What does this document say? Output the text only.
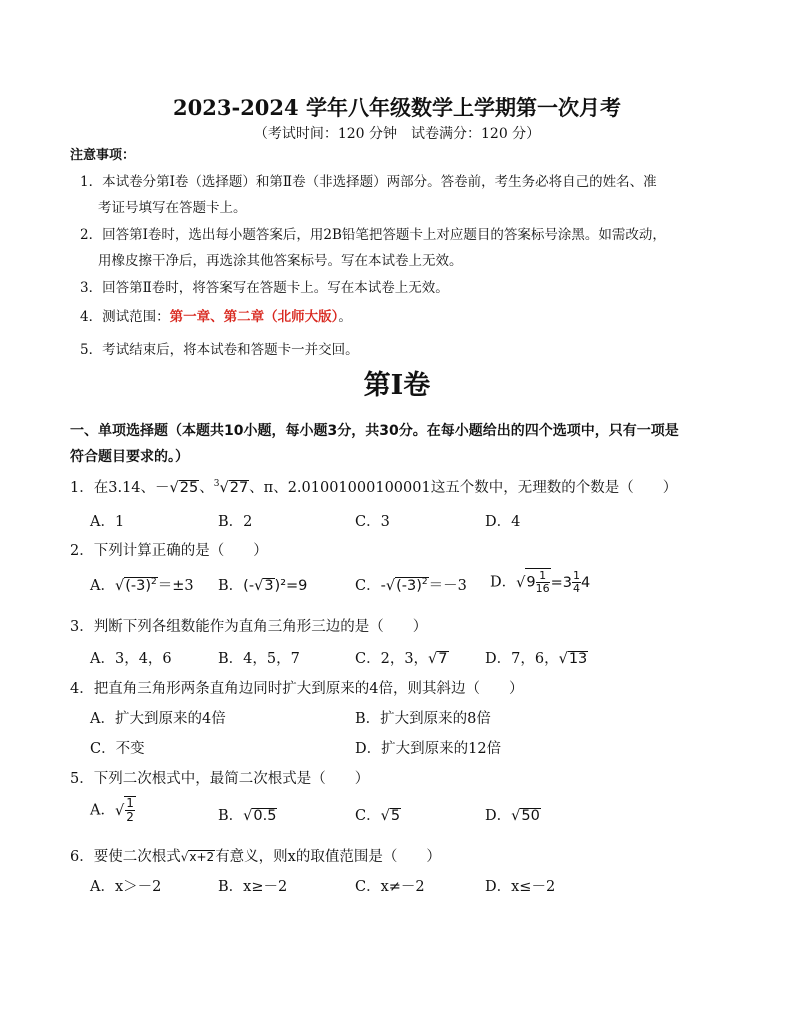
2023-2024 学年八年级数学上学期第一次月考
（考试时间：120 分钟　试卷满分：120 分）
注意事项：
1．本试卷分第Ⅰ卷（选择题）和第Ⅱ卷（非选择题）两部分。答卷前，考生务必将自己的姓名、准
考证号填写在答题卡上。
2．回答第Ⅰ卷时，选出每小题答案后，用2B铅笔把答题卡上对应题目的答案标号涂黑。如需改动，
用橡皮擦干净后，再选涂其他答案标号。写在本试卷上无效。
3．回答第Ⅱ卷时，将答案写在答题卡上。写在本试卷上无效。
4．测试范围：第一章、第二章（北师大版）。
5．考试结束后，将本试卷和答题卡一并交回。
第Ⅰ卷
一、单项选择题（本题共10小题，每小题3分，共30分。在每小题给出的四个选项中，只有一项是
符合题目要求的。）
1．在3.14、－√25、$^3$√27、π、2.01001000100001这五个数中，无理数的个数是（　　）
A．1	B．2	C．3	D．4
2．下列计算正确的是（　　）
A．$√(-3)^2=\pm 3$ B．(-√3)²=9	C．$-√(-3)^2=-3$ D．$√9 \frac{1}{16} =3 \frac{1}{4} 4$
3．判断下列各组数能作为直角三角形三边的是（　　）
A．3，4，6	B．4，5，7	C．2，3，√7	D．7，6，√13
4．把直角三角形两条直角边同时扩大到原来的4倍，则其斜边（　　）
A．扩大到原来的4倍	B．扩大到原来的8倍
C．不变	D．扩大到原来的12倍
5．下列二次根式中，最简二次根式是（　　）
A．√ $\frac{1}{2}$	B．√0.5	C．√5	D．√50
6．要使二次根式√x+2有意义，则x的取值范围是（　　）
A．x＞－2	B．x≥－2	C．x≠－2	D．x≤－2
